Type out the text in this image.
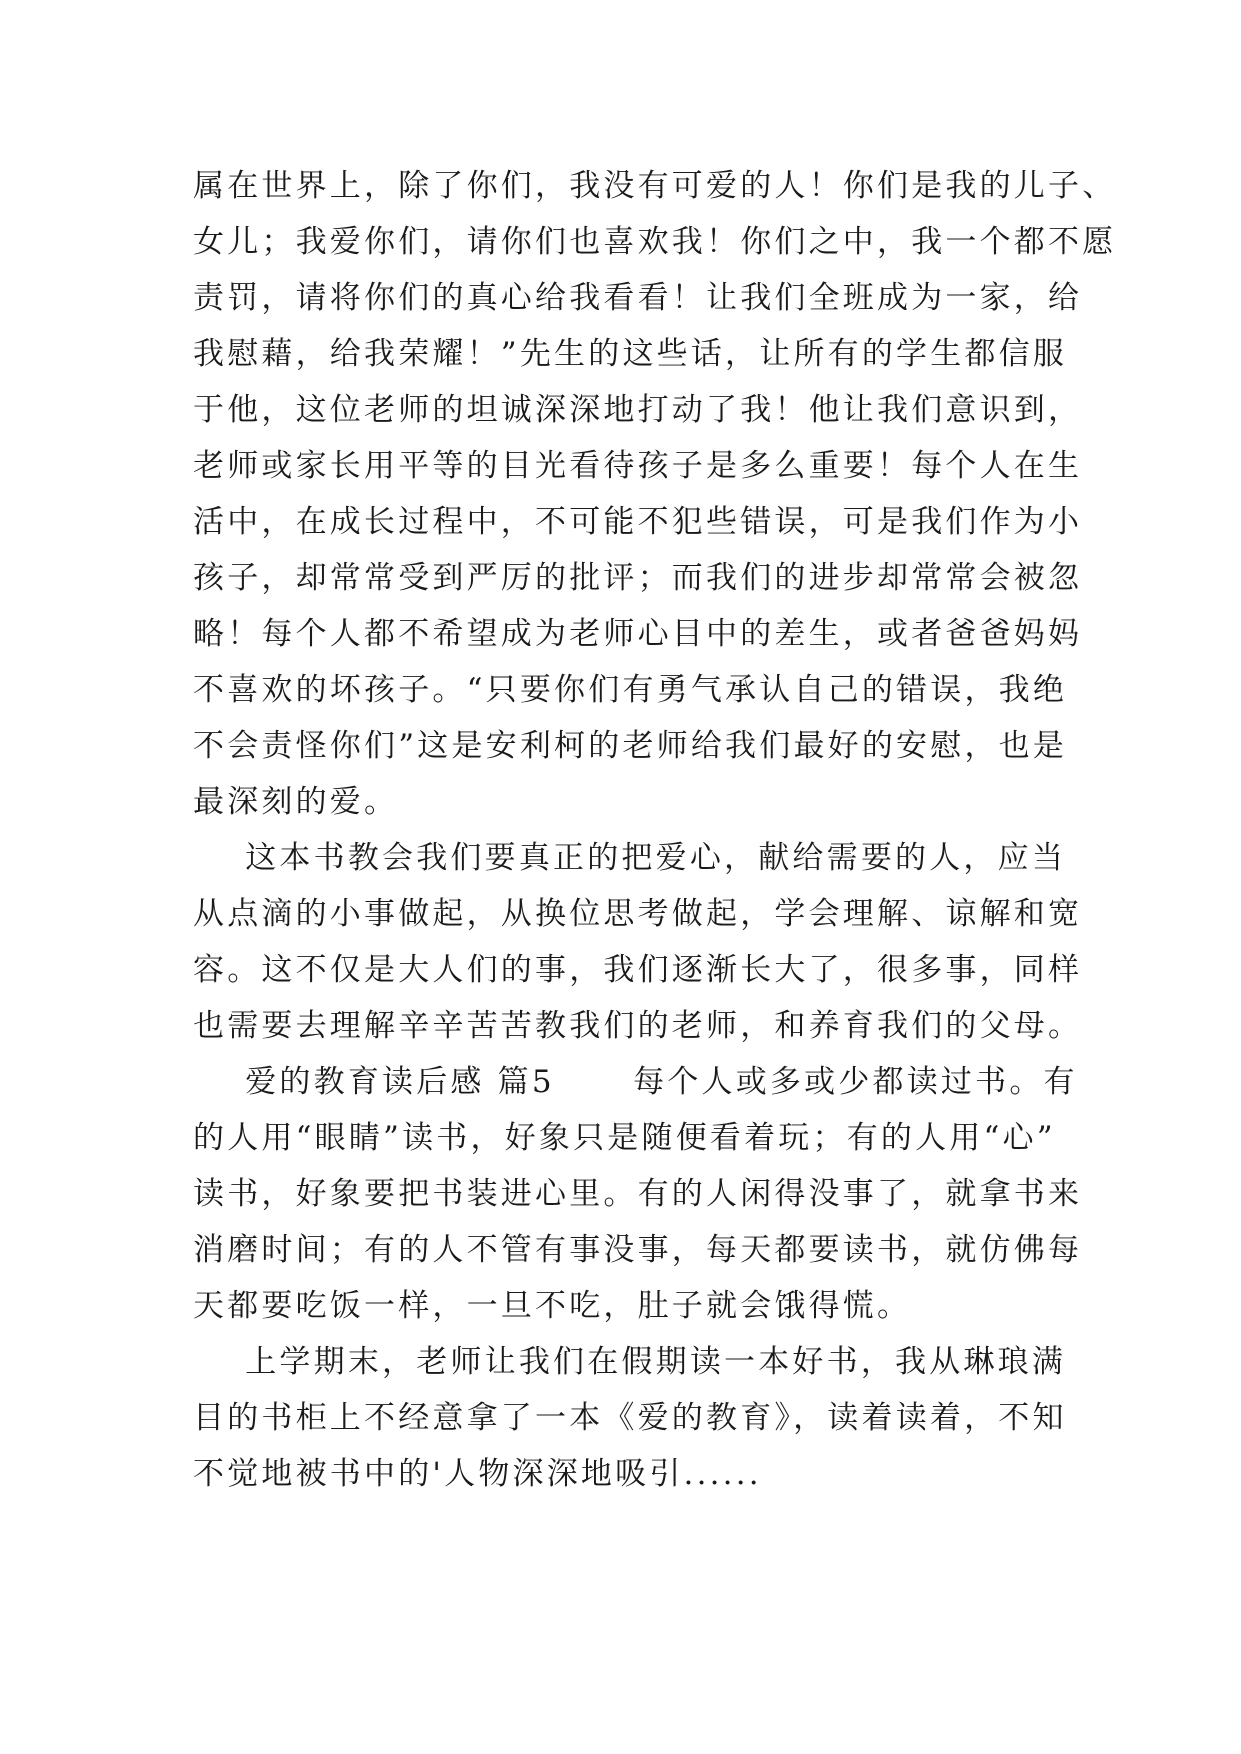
属在世界上，除了你们，我没有可爱的人！你们是我的儿子、
女儿；我爱你们，请你们也喜欢我！你们之中，我一个都不愿
责罚，请将你们的真心给我看看！让我们全班成为一家，给
我慰藉，给我荣耀！”先生的这些话，让所有的学生都信服
于他，这位老师的坦诚深深地打动了我！他让我们意识到，
老师或家长用平等的目光看待孩子是多么重要！每个人在生
活中，在成长过程中，不可能不犯些错误，可是我们作为小
孩子，却常常受到严厉的批评；而我们的进步却常常会被忽
略！每个人都不希望成为老师心目中的差生，或者爸爸妈妈
不喜欢的坏孩子。“只要你们有勇气承认自己的错误，我绝
不会责怪你们”这是安利柯的老师给我们最好的安慰，也是
最深刻的爱。
这本书教会我们要真正的把爱心，献给需要的人，应当
从点滴的小事做起，从换位思考做起，学会理解、谅解和宽
容。这不仅是大人们的事，我们逐渐长大了，很多事，同样
也需要去理解辛辛苦苦教我们的老师，和养育我们的父母。
爱的教育读后感 篇5      每个人或多或少都读过书。有
的人用“眼睛”读书，好象只是随便看着玩；有的人用“心”
读书，好象要把书装进心里。有的人闲得没事了，就拿书来
消磨时间；有的人不管有事没事，每天都要读书，就仿佛每
天都要吃饭一样，一旦不吃，肚子就会饿得慌。
上学期末，老师让我们在假期读一本好书，我从琳琅满
目的书柜上不经意拿了一本《爱的教育》，读着读着，不知
不觉地被书中的'人物深深地吸引......
